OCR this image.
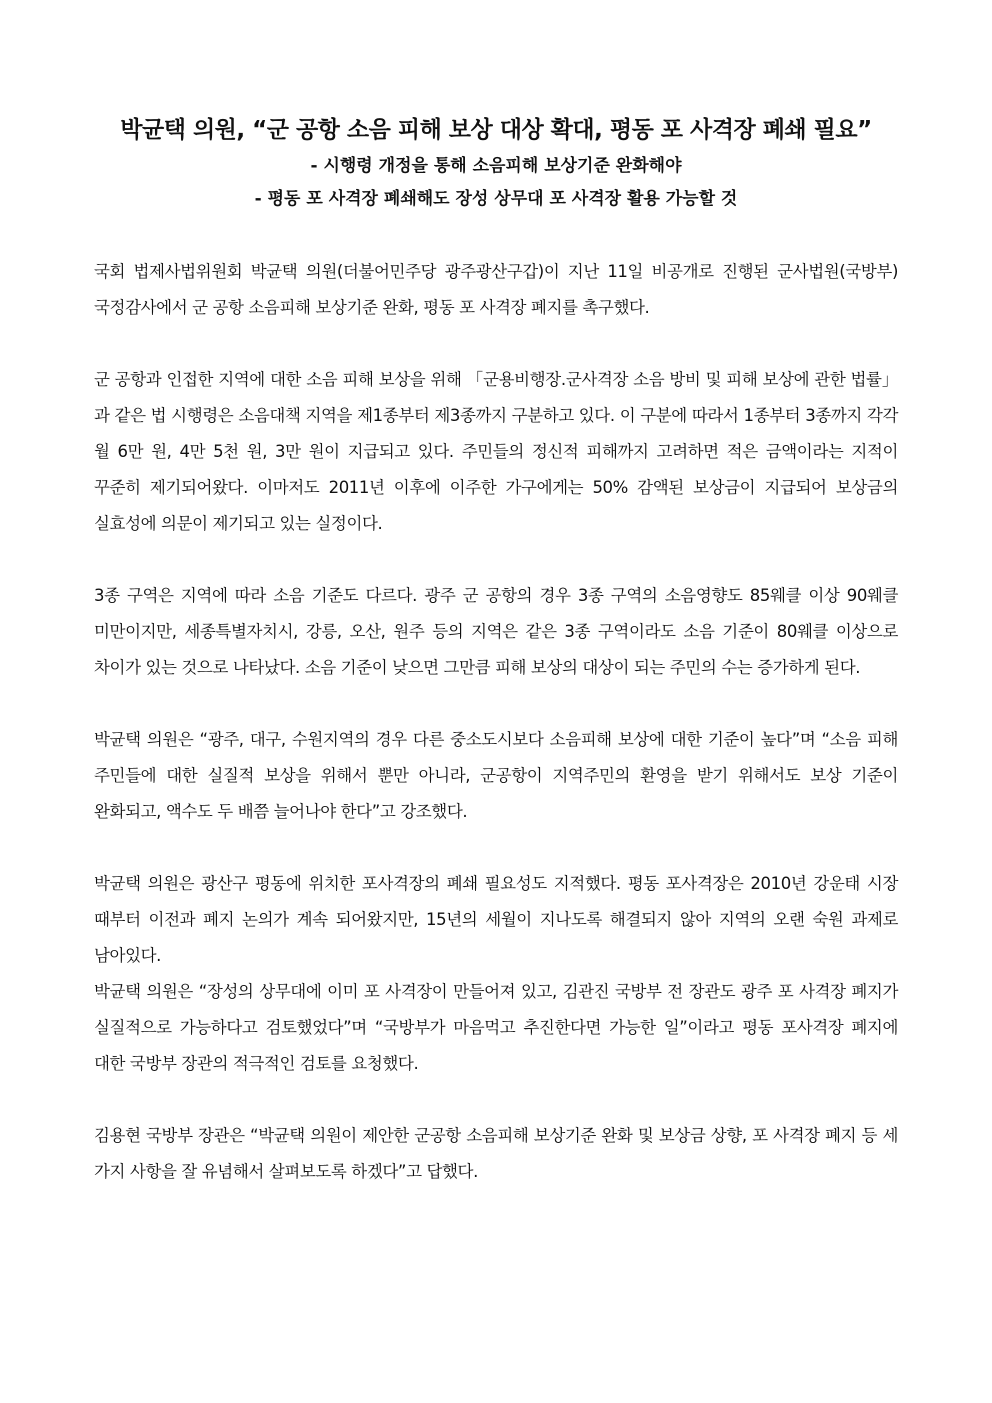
박균택 의원, “군 공항 소음 피해 보상 대상 확대, 평동 포 사격장 폐쇄 필요”

- 시행령 개정을 통해 소음피해 보상기준 완화해야

- 평동 포 사격장 폐쇄해도 장성 상무대 포 사격장 활용 가능할 것

국회 법제사법위원회 박균택 의원(더불어민주당 광주광산구갑)이 지난 11일 비공개로 진행된 군사법원(국방부) 국정감사에서 군 공항 소음피해 보상기준 완화, 평동 포 사격장 폐지를 촉구했다.

군 공항과 인접한 지역에 대한 소음 피해 보상을 위해 「군용비행장․군사격장 소음 방비 및 피해 보상에 관한 법률」과 같은 법 시행령은 소음대책 지역을 제1종부터 제3종까지 구분하고 있다. 이 구분에 따라서 1종부터 3종까지 각각 월 6만 원, 4만 5천 원, 3만 원이 지급되고 있다. 주민들의 정신적 피해까지 고려하면 적은 금액이라는 지적이 꾸준히 제기되어왔다. 이마저도 2011년 이후에 이주한 가구에게는 50% 감액된 보상금이 지급되어 보상금의 실효성에 의문이 제기되고 있는 실정이다.

3종 구역은 지역에 따라 소음 기준도 다르다. 광주 군 공항의 경우 3종 구역의 소음영향도 85웨클 이상 90웨클 미만이지만, 세종특별자치시, 강릉, 오산, 원주 등의 지역은 같은 3종 구역이라도 소음 기준이 80웨클 이상으로 차이가 있는 것으로 나타났다. 소음 기준이 낮으면 그만큼 피해 보상의 대상이 되는 주민의 수는 증가하게 된다.

박균택 의원은 “광주, 대구, 수원지역의 경우 다른 중소도시보다 소음피해 보상에 대한 기준이 높다”며 “소음 피해 주민들에 대한 실질적 보상을 위해서 뿐만 아니라, 군공항이 지역주민의 환영을 받기 위해서도 보상 기준이 완화되고, 액수도 두 배쯤 늘어나야 한다”고 강조했다.

박균택 의원은 광산구 평동에 위치한 포사격장의 폐쇄 필요성도 지적했다. 평동 포사격장은 2010년 강운태 시장 때부터 이전과 폐지 논의가 계속 되어왔지만, 15년의 세월이 지나도록 해결되지 않아 지역의 오랜 숙원 과제로 남아있다.

박균택 의원은 “장성의 상무대에 이미 포 사격장이 만들어져 있고, 김관진 국방부 전 장관도 광주 포 사격장 폐지가 실질적으로 가능하다고 검토했었다”며 “국방부가 마음먹고 추진한다면 가능한 일”이라고 평동 포사격장 폐지에 대한 국방부 장관의 적극적인 검토를 요청했다.

김용현 국방부 장관은 “박균택 의원이 제안한 군공항 소음피해 보상기준 완화 및 보상금 상향, 포 사격장 폐지 등 세 가지 사항을 잘 유념해서 살펴보도록 하겠다”고 답했다.
